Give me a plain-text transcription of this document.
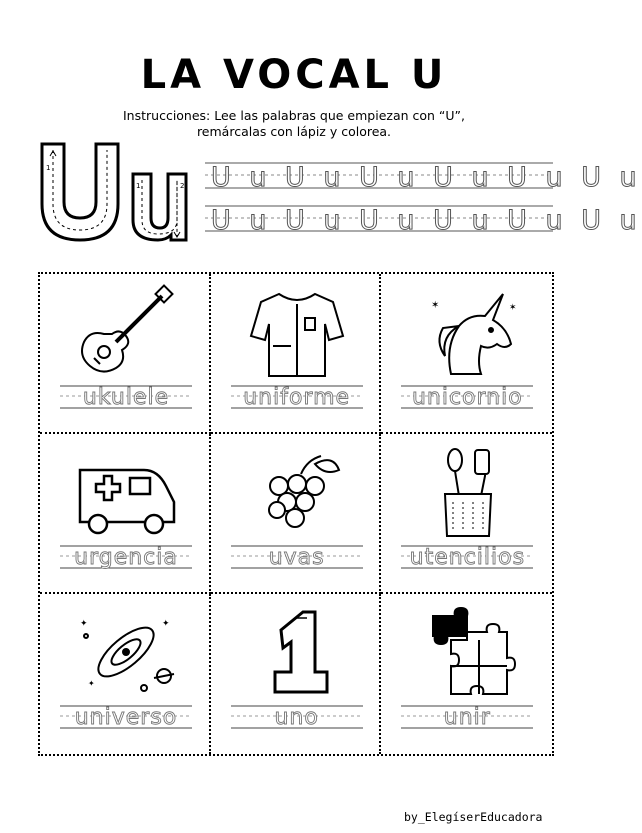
LA VOCAL U
Instrucciones: Lee las palabras que empiezan con “U”,
remárcalas con lápiz y colorea.
1
1	2 U u U u U u U u U u U u
U u U u U u U u U u U u
ukulele	uniforme
✶	✶
unicornio
urgencia	uvas	utencilios
✦	✦
✦
universo	uno	unir
by_ElegíserEducadora
